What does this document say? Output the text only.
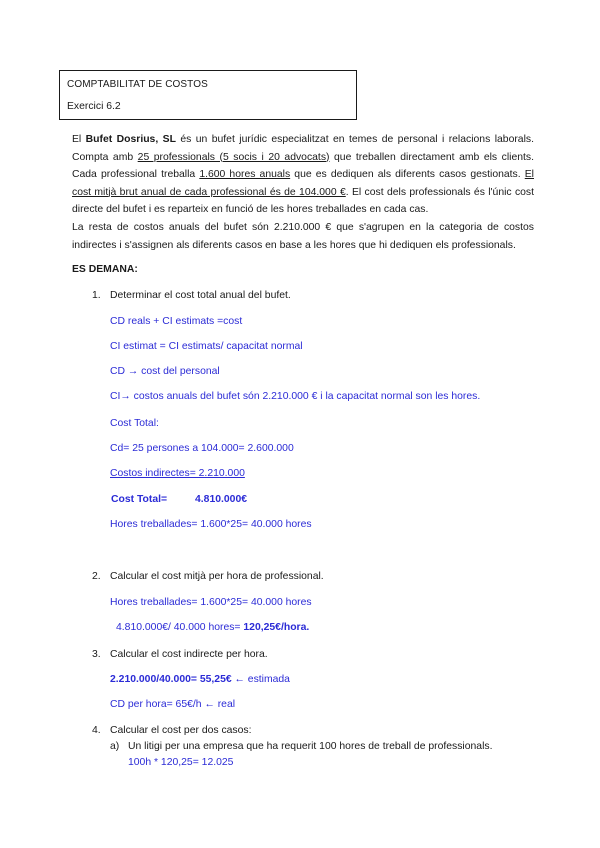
COMPTABILITAT DE COSTOS
Exercici 6.2
El Bufet Dosrius, SL és un bufet jurídic especialitzat en temes de personal i relacions laborals. Compta amb 25 professionals (5 socis i 20 advocats) que treballen directament amb els clients. Cada professional treballa 1.600 hores anuals que es dediquen als diferents casos gestionats. El cost mitjà brut anual de cada professional és de 104.000 €. El cost dels professionals és l'únic cost directe del bufet i es reparteix en funció de les hores treballades en cada cas.
La resta de costos anuals del bufet són 2.210.000 € que s'agrupen en la categoria de costos indirectes i s'assignen als diferents casos en base a les hores que hi dediquen els professionals.
ES DEMANA:
1. Determinar el cost total anual del bufet.
CD reals + CI estimats =cost
CI estimat = CI estimats/ capacitat normal
CD → cost del personal
CI→ costos anuals del bufet són 2.210.000 € i la capacitat normal son les hores.
Cost Total:
Cd= 25 persones a 104.000= 2.600.000
Costos indirectes= 2.210.000
Cost Total=	4.810.000€
Hores treballades= 1.600*25= 40.000 hores
2. Calcular el cost mitjà per hora de professional.
Hores treballades= 1.600*25= 40.000 hores
4.810.000€/ 40.000 hores= 120,25€/hora.
3. Calcular el cost indirecte per hora.
2.210.000/40.000= 55,25€ ← estimada
CD per hora= 65€/h ← real
4. Calcular el cost per dos casos:
a) Un litigi per una empresa que ha requerit 100 hores de treball de professionals.
100h * 120,25= 12.025
